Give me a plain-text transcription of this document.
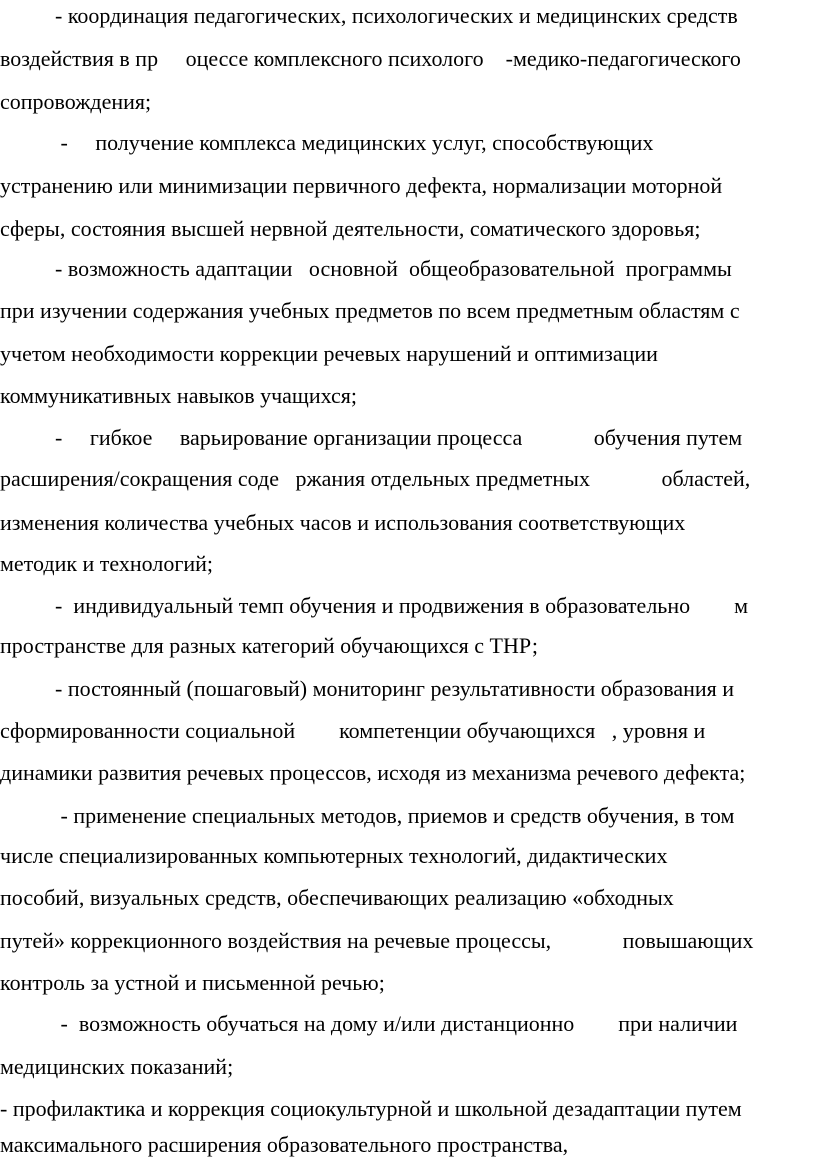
- координация педагогических, психологических и медицинских средств
воздействия в пр     оцессе комплексного психолого    -медико-педагогического
сопровождения;
-     получение комплекса медицинских услуг, способствующих
устранению или минимизации первичного дефекта, нормализации моторной
сферы, состояния высшей нервной деятельности, соматического здоровья;
- возможность адаптации   основной  общеобразовательной  программы
при изучении содержания учебных предметов по всем предметным областям с
учетом необходимости коррекции речевых нарушений и оптимизации
коммуникативных навыков учащихся;
-     гибкое     варьирование организации процесса             обучения путем
расширения/сокращения соде   ржания отдельных предметных             областей,
изменения количества учебных часов и использования соответствующих
методик и технологий;
-  индивидуальный темп обучения и продвижения в образовательно        м
пространстве для разных категорий обучающихся с ТНР;
- постоянный (пошаговый) мониторинг результативности образования и
сформированности социальной        компетенции обучающихся   , уровня и
динамики развития речевых процессов, исходя из механизма речевого дефекта;
- применение специальных методов, приемов и средств обучения, в том
числе специализированных компьютерных технологий, дидактических
пособий, визуальных средств, обеспечивающих реализацию «обходных
путей» коррекционного воздействия на речевые процессы,             повышающих
контроль за устной и письменной речью;
-  возможность обучаться на дому и/или дистанционно        при наличии
медицинских показаний;
- профилактика и коррекция социокультурной и школьной дезадаптации путем
максимального расширения образовательного пространства,
